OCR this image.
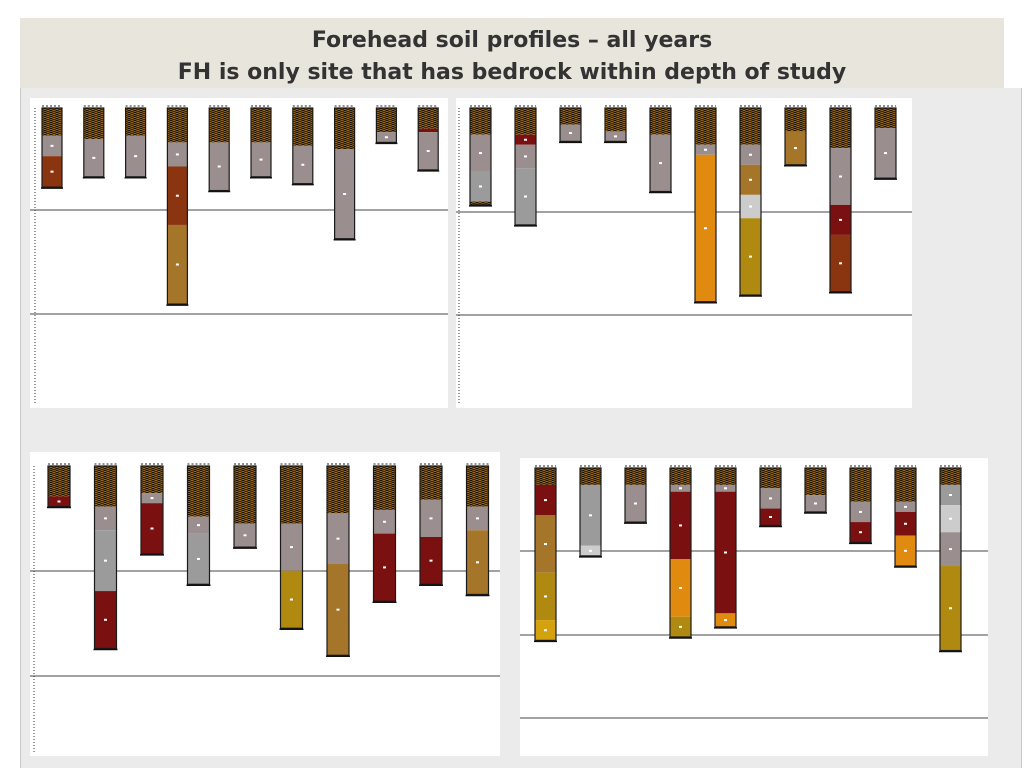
Forehead soil profiles – all years
FH is only site that has bedrock within depth of study
